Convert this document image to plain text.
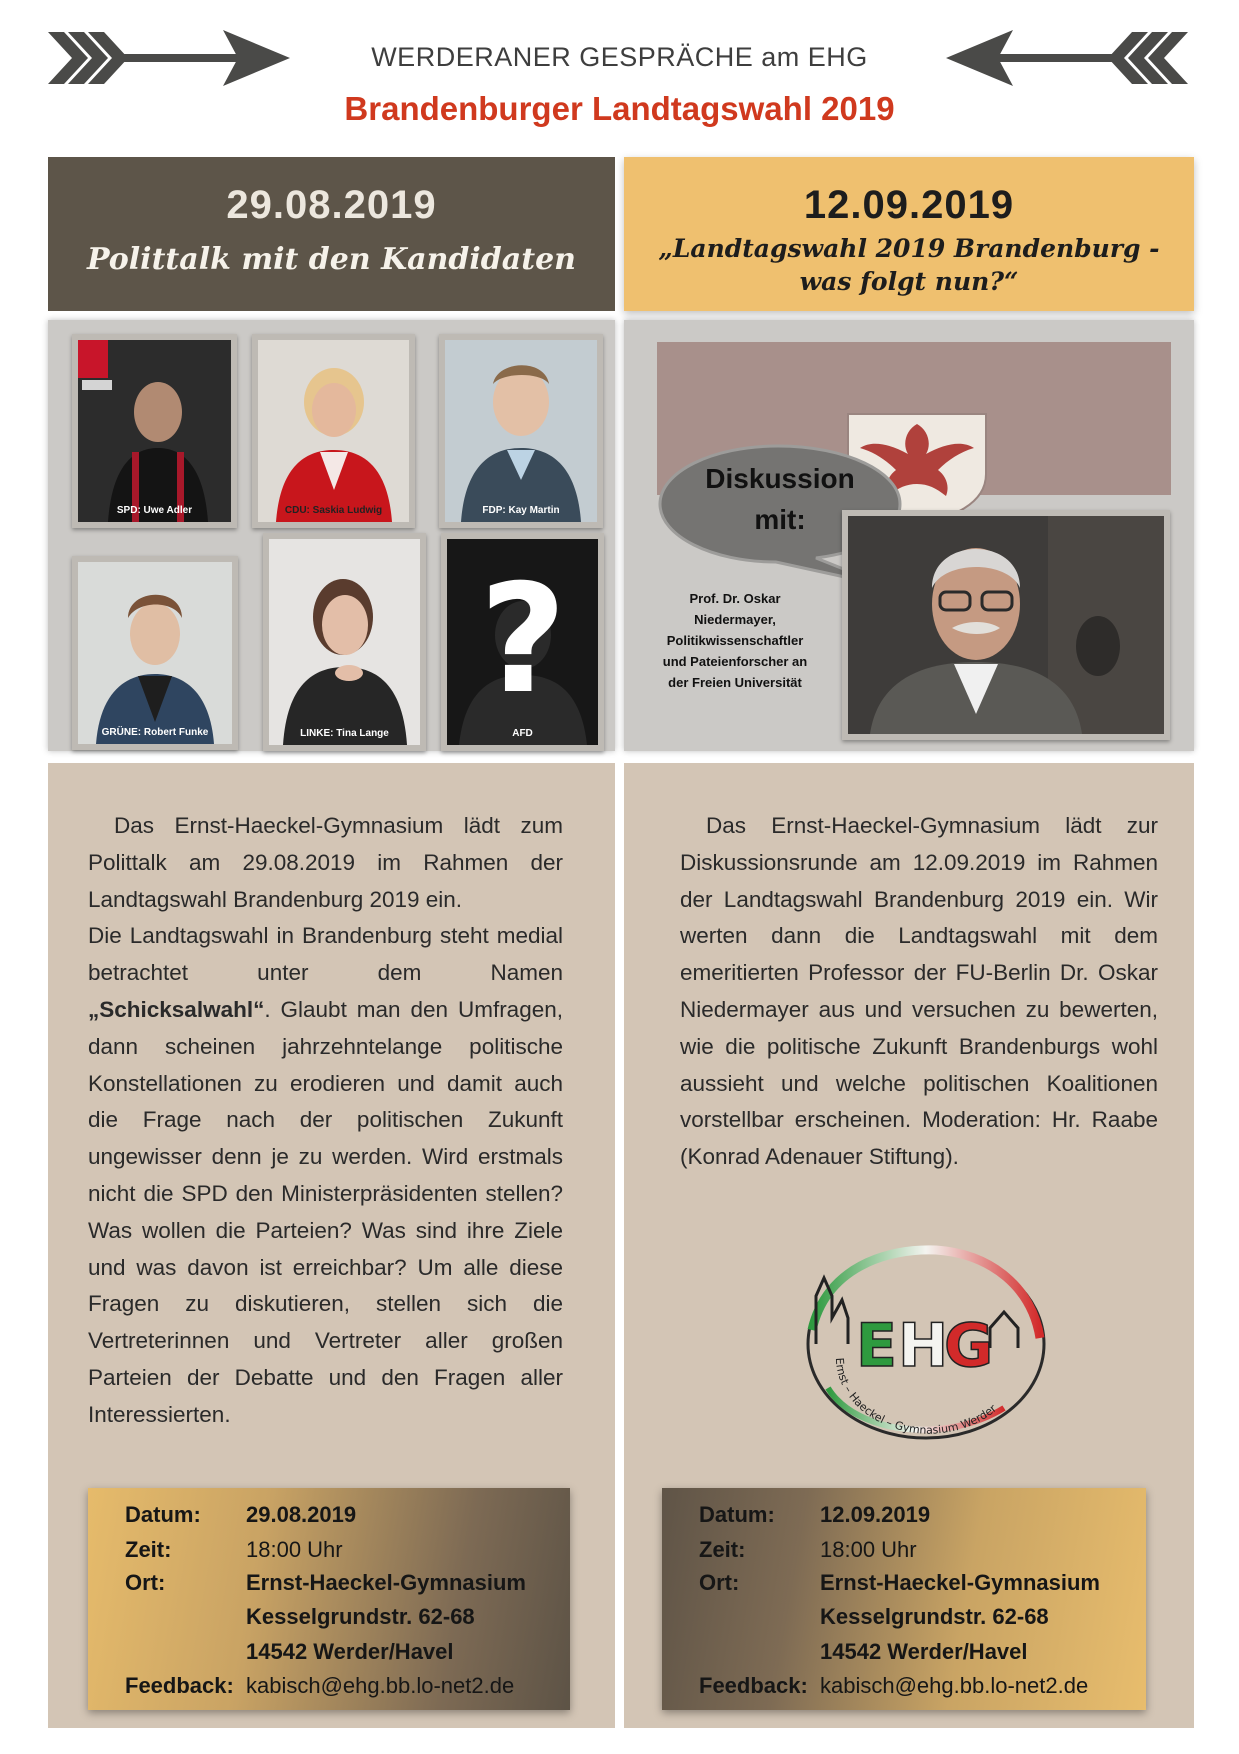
WERDERANER GESPRÄCHE am EHG
Brandenburger Landtagswahl 2019
29.08.2019
Polittalk mit den Kandidaten
12.09.2019
„Landtagswahl 2019 Brandenburg -
was folgt nun?“
SPD: Uwe Adler	CDU: Saskia Ludwig	FDP: Kay Martin
GRÜNE: Robert Funke	LINKE: Tina Lange
?
AFD
Diskussion
mit:
Prof. Dr. Oskar
Niedermayer,
Politikwissenschaftler
und Pateienforscher an
der Freien Universität

Das Ernst-Haeckel-Gymnasium lädt zum Polittalk am 29.08.2019 im Rahmen der Landtagswahl Brandenburg 2019 ein.

Die Landtagswahl in Brandenburg steht medial betrachtet unter dem Namen „Schicksalwahl“. Glaubt man den Umfragen, dann scheinen jahrzehntelange politische Konstellationen zu erodieren und damit auch die Frage nach der politischen Zukunft ungewisser denn je zu werden. Wird erstmals nicht die SPD den Ministerpräsidenten stellen? Was wollen die Parteien? Was sind ihre Ziele und was davon ist erreichbar? Um alle diese Fragen zu diskutieren, stellen sich die Vertreterinnen und Vertreter aller großen Parteien der Debatte und den Fragen aller Interessierten.

Das Ernst-Haeckel-Gymnasium lädt zur Diskussionsrunde am 12.09.2019 im Rahmen der Landtagswahl Brandenburg 2019 ein. Wir werten dann die Landtagswahl mit dem emeritierten Professor der FU-Berlin Dr. Oskar Niedermayer aus und versuchen zu bewerten, wie die politische Zukunft Brandenburgs wohl aussieht und welche politischen Koalitionen vorstellbar erscheinen. Moderation: Hr. Raabe (Konrad Adenauer Stiftung).

E H
G
Ernst – Haeckel – Gymnasium Werder
Datum: 29.08.2019
Zeit:	18:00 Uhr
Ort:	Ernst-Haeckel-Gymnasium
Kesselgrundstr. 62-68
14542 Werder/Havel
Feedback: kabisch@ehg.bb.lo-net2.de
Datum: 12.09.2019
Zeit:	18:00 Uhr
Ort:	Ernst-Haeckel-Gymnasium
Kesselgrundstr. 62-68
14542 Werder/Havel
Feedback: kabisch@ehg.bb.lo-net2.de
